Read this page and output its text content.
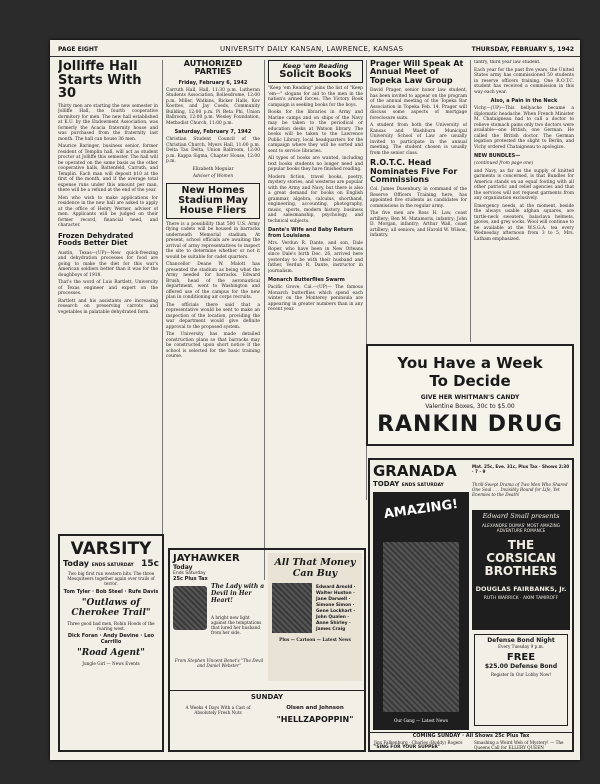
PAGE EIGHT	UNIVERSITY DAILY KANSAN, LAWRENCE, KANSAS	THURSDAY, FEBRUARY 5, 1942
Jolliffe Hall Starts With 30

Thirty men are starting the new semester in Jolliffe Hall, the fourth cooperative dormitory for men. The new hall established at K.U. by the Endowment Association, was formerly the Acacia fraternity house and was purchased from the fraternity last month. The hall can house 36 men.

Maurice Baringer, business senior, former resident of Templin hall, will act as student proctor at Jolliffe this semester. The hall will be operated on the same basis as the other cooperative halls, Battenfeld, Carruth, and Templin. Each man will deposit $10 at the first of the month, and if the average total expense runs under this amount per man, there will be a refund at the end of the year.

Men who wish to make applications for residence in the new hall are asked to apply at the office of Henry Werner, adviser of men. Applicants will be judged on their former record, financial need, and character.

Frozen Dehydrated Foods Better Diet

Austin, Texas—(UP)—New quick-freezing and dehydration processes for food are going to make the diet for this war's American soldiers better than it was for the doughboys of 1918.

That's the word of Luis Bartlett, University of Texas engineer and expert on the processes.

Bartlett and his assistants are increasing research on preserving carrots and vegetables in palatable dehydrated form.

AUTHORIZED PARTIES
Friday, February 6, 1942

Carruth Hall, Hall, 11:30 p.m. Lutheran Students Association, Bollesdrome, 12:00 p.m. Miller, Watkins, Ricker Halls, Kov Koottes, and Jay Coeds, Community Building, 12:00 p.m. Pi Beta Phi, Union Ballroom, 12:00 p.m. Wesley Foundation, Methodist Church, 11:00 p.m.

Saturday, February 7, 1942

Christian Student Council of the Christian Church, Myers Hall, 11:00 p.m. Delta Tau Delta, Union Ballroom, 12:00 p.m. Kappa Sigma, Chapter House, 12:00 p.m.

Elizabeth Meguiar
Adviser of Women
New Homes Stadium May House Fliers

There is a possibility that 500 U.S. Army flying cadets will be housed in barracks underneath Memorial stadium. At present, school officials are awaiting the arrival of army representatives to inspect the site to determine whether or not it would be suitable for cadet quarters.

Chancellor Deane W. Malott has presented the stadium as being what the Army needed for barracks. Edward Brush, head of the aeronautical department, went to Washington and offered use of the campus for the new plan in conditioning air corps recruits.

The officials there said that a representative would be sent to make an inspection of the location, providing the war department would give definite approval to the proposed system.

The University has made detailed construction plans so that barracks may be constructed upon short notice if the school is selected for the basic training course.

Keep 'em Reading
Solicit Books

"Keep 'em Reading" joins the list of "Keep 'em—" slogans for aid to the men in the nation's armed forces. The Victory Book campaign is seeking books for the boys.

Books for the libraries in Army and Marine camps and on ships of the Navy may be taken to the periodical or education desks at Watson library. The books will be taken to the Lawrence Public Library, local headquarters for the campaign where they will be sorted and sent to service libraries.

All types of books are wanted, including text books students no longer need and popular books they have finished reading.

Modern fiction, travel books, poetry, mystery stories, and westerns are popular with the Army and Navy, but there is also a great demand for books on English grammar, algebra, calculus, shorthand, engineering, accounting, photography, music, sports, modern history, business and salesmanship, psychology, and technical subjects.

Dante's Wife and Baby Return from Louisiana

Mrs. Verdun R. Dante, and son, Dale Roper, who have been in New Orleans since Dale's birth Dec. 26, arrived here yesterday to be with their husband and father, Verdun R. Dante, instructor in journalism.

Monarch Butterflies Swarm

Pacific Grove, Cal.—(UP)— The famous Monarch butterflies which spend each winter on the Monterey peninsula are appearing in greater numbers than in any recent year.

Prager Will Speak At Annual Meet of Topeka Law Group

David Prager, senior honor law student, has been invited to appear on the program of the annual meeting of the Topeka Bar Association in Topeka Feb. 14. Prager will discuss some aspects of mortgage foreclosure suits.

A student from both the University of Kansas and Washburn Municipal University School of Law are usually invited to participate in the annual meeting. The student chosen is usually from the senior class.

R.O.T.C. Head Nominates Five For Commissions

Col. James Dusenbury, in command of the Reserve Officers Training here, has appointed five students as candidates for commissions in the regular army.

The five men are Ross H. Law, coast artillery; Ben M. Matamoris, infantry; John D. Morgan, infantry; Arthur Wall, coast artillery; all seniors; and Harold W. Wilson, infantry.

fantry, third year law student.

Each year for the past five years, the United States army has commissioned 50 students in reserve officers training. One R.O.T.C. student has received a commission in this way each year.

Also, a Pain in the Neck

Vichy—(UP)—This bellyache became a diplomatic headache. When French Minister M. Chataigneau had to call a doctor to relieve stomach pains only two doctors were available—one British, one German. He called the British doctor. The German legation protested the slight to Berlin, and Vichy ordered Chataigneau to apologize.

NEW BUNDLES—
(continued from page one)

and Navy, as far as the supply of knitted garments is concerned, is that Bundles for America stands on an equal footing with all other patriotic and relief agencies and that the services will not request garments from any organization exclusively.

Emergency needs, at the moment, beside the always usable afghan squares, are turtle-neck sweaters, balaclava helmets, gloves, and grey socks. Wool will continue to be available at the W.S.G.A. tea every Wednesday afternoon from 3 to 5, Mrs. Latham emphasized.

You Have a Week
To Decide
GIVE HER WHITMAN'S CANDY
Valentine Boxes, 30c to $5.00
RANKIN DRUG
VARSITY
Today ENDS SATURDAY 15c
Two big first run western hits. The three Mesquiteers together again over trails of terror.
Tom Tyler · Bob Steel · Rufe Davis
"Outlaws of Cherokee Trail"
Three good bad men, Robin Hoods of the roaring west.
Dick Foran · Andy Devine · Leo Carrillo
"Road Agent"
Jungle Girl — News Events
JAYHAWKER
Today
Ends Saturday
25c Plus Tax
The Lady with a Devil in Her Heart!
A bright new light against the temptations that lured her husband from her side.
From Stephen Vincent Benet's "The Devil and Daniel Webster"
All That Money Can Buy
Edward Arnold · Walter Huston · Jane Darwell · Simone Simon · Gene Lockhart · John Qualen · Anne Shirley · James Craig
Plus — Cartoon — Latest News
SUNDAY
A Weeks 4 Days With a Cast of Absolutely Fresh Nuts
Olsen and Johnson
"HELLZAPOPPIN"
GRANADA
TODAY ENDS SATURDAY
Mat. 25c, Eve. 31c, Plus Tax · Shows 2:30 · 7 · 9
Thrill-Swept Drama of Two Men Who Shared One Soul . . . Invisibly Bound for Life, Yet Enemies to the Death!
AMAZING!
Our Gang — Latest News
Edward Small presents
ALEXANDRE DUMAS' MOST AMAZING ADVENTURE ROMANCE
THE CORSICAN BROTHERS
DOUGLAS FAIRBANKS, Jr.
RUTH WARRICK · AKIM TAMIROFF
Defense Bond Night
Every Tuesday 9 p.m.
FREE
$25.00 Defense Bond
Register In Our Lobby Now!
COMING SUNDAY · All Shows 25c Plus Tax
Jinx Falkenburg · Charles (Buddy) Rogers
"SING FOR YOUR SUPPER"
Smashing a Weird Web of Mystery! — The Queens Call for ELLERY QUEEN
